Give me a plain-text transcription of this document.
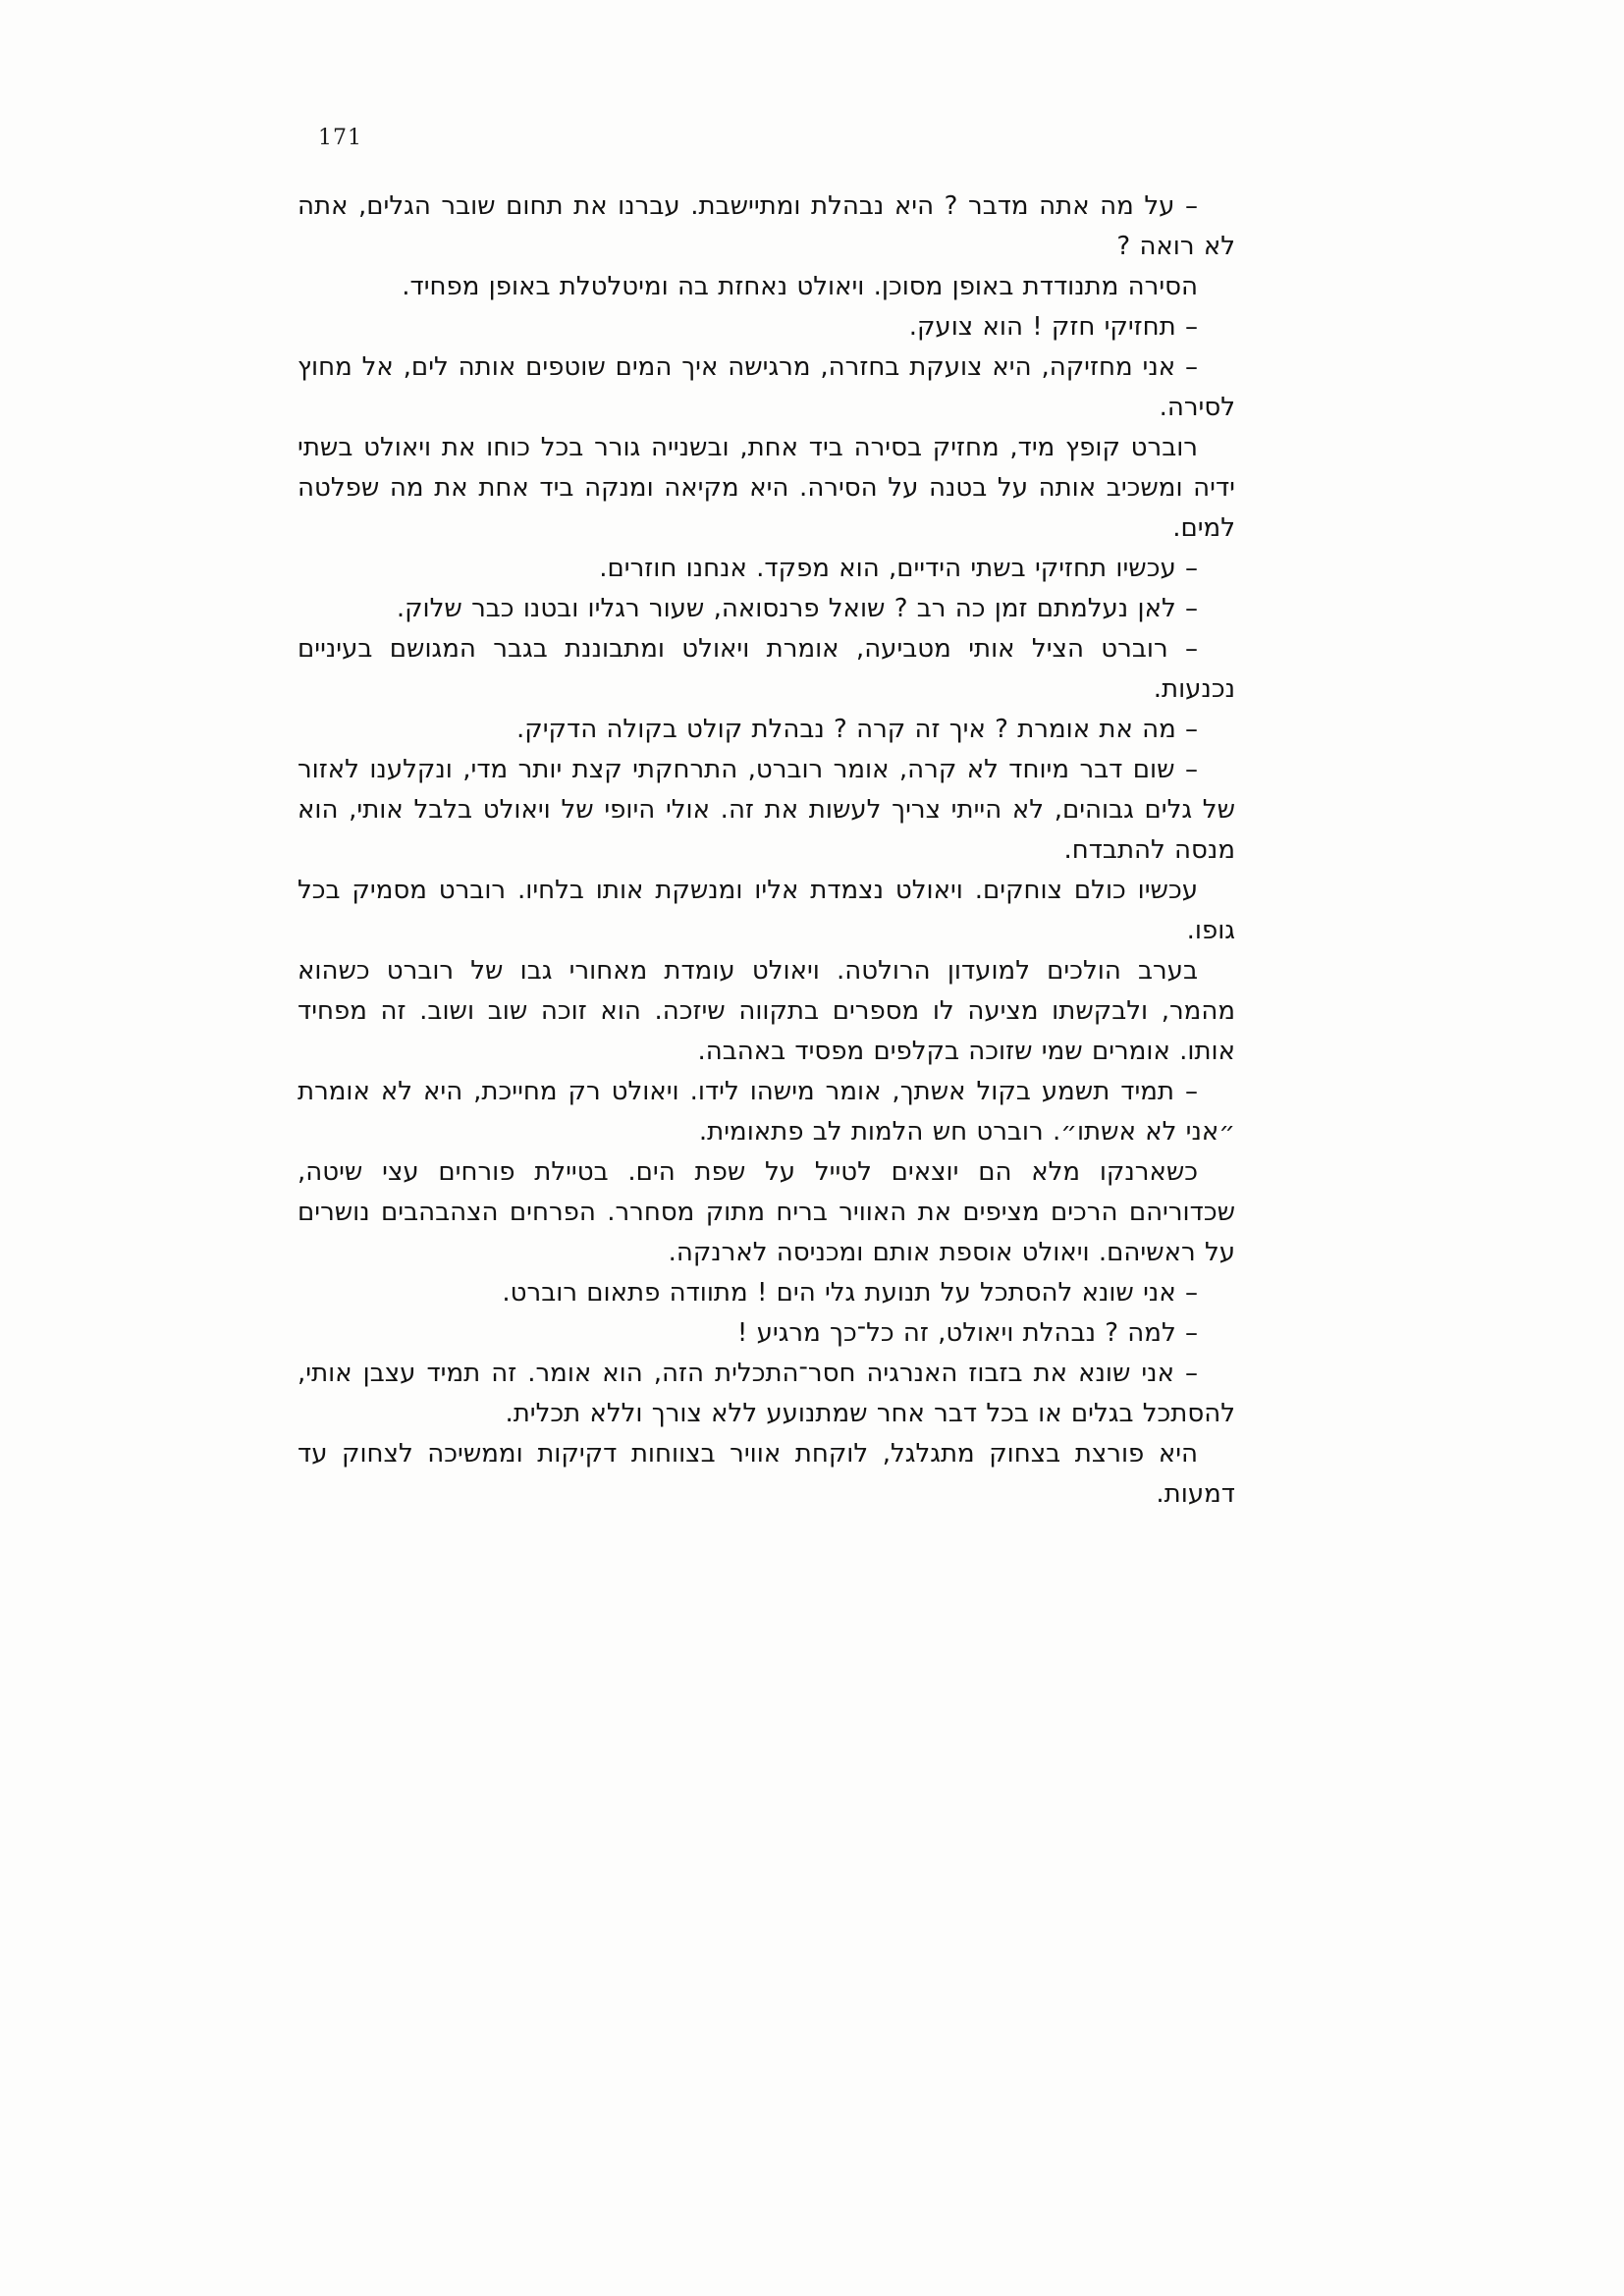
171

– על מה אתה מדבר ? היא נבהלת ומתיישבת. עברנו את תחום שובר הגלים, אתה לא רואה ?

הסירה מתנודדת באופן מסוכן. ויאולט נאחזת בה ומיטלטלת באופן מפחיד.

– תחזיקי חזק ! הוא צועק.

– אני מחזיקה, היא צועקת בחזרה, מרגישה איך המים שוטפים אותה לים, אל מחוץ לסירה.

רוברט קופץ מיד, מחזיק בסירה ביד אחת, ובשנייה גורר בכל כוחו את ויאולט בשתי ידיה ומשכיב אותה על בטנה על הסירה. היא מקיאה ומנקה ביד אחת את מה שפלטה למים.

– עכשיו תחזיקי בשתי הידיים, הוא מפקד. אנחנו חוזרים.

– לאן נעלמתם זמן כה רב ? שואל פרנסואה, שעור רגליו ובטנו כבר שלוק.

– רוברט הציל אותי מטביעה, אומרת ויאולט ומתבוננת בגבר המגושם בעיניים נכנעות.

– מה את אומרת ? איך זה קרה ? נבהלת קולט בקולה הדקיק.

– שום דבר מיוחד לא קרה, אומר רוברט, התרחקתי קצת יותר מדי, ונקלענו לאזור של גלים גבוהים, לא הייתי צריך לעשות את זה. אולי היופי של ויאולט בלבל אותי, הוא מנסה להתבדח.

עכשיו כולם צוחקים. ויאולט נצמדת אליו ומנשקת אותו בלחיו. רוברט מסמיק בכל גופו.

בערב הולכים למועדון הרולטה. ויאולט עומדת מאחורי גבו של רוברט כשהוא מהמר, ולבקשתו מציעה לו מספרים בתקווה שיזכה. הוא זוכה שוב ושוב. זה מפחיד אותו. אומרים שמי שזוכה בקלפים מפסיד באהבה.

– תמיד תשמע בקול אשתך, אומר מישהו לידו. ויאולט רק מחייכת, היא לא אומרת ״אני לא אשתו״. רוברט חש הלמות לב פתאומית.

כשארנקו מלא הם יוצאים לטייל על שפת הים. בטיילת פורחים עצי שיטה, שכדוריהם הרכים מציפים את האוויר בריח מתוק מסחרר. הפרחים הצהבהבים נושרים על ראשיהם. ויאולט אוספת אותם ומכניסה לארנקה.

– אני שונא להסתכל על תנועת גלי הים ! מתוודה פתאום רוברט.

– למה ? נבהלת ויאולט, זה כל־כך מרגיע !

– אני שונא את בזבוז האנרגיה חסר־התכלית הזה, הוא אומר. זה תמיד עצבן אותי, להסתכל בגלים או בכל דבר אחר שמתנועע ללא צורך וללא תכלית.

היא פורצת בצחוק מתגלגל, לוקחת אוויר בצווחות דקיקות וממשיכה לצחוק עד דמעות.
